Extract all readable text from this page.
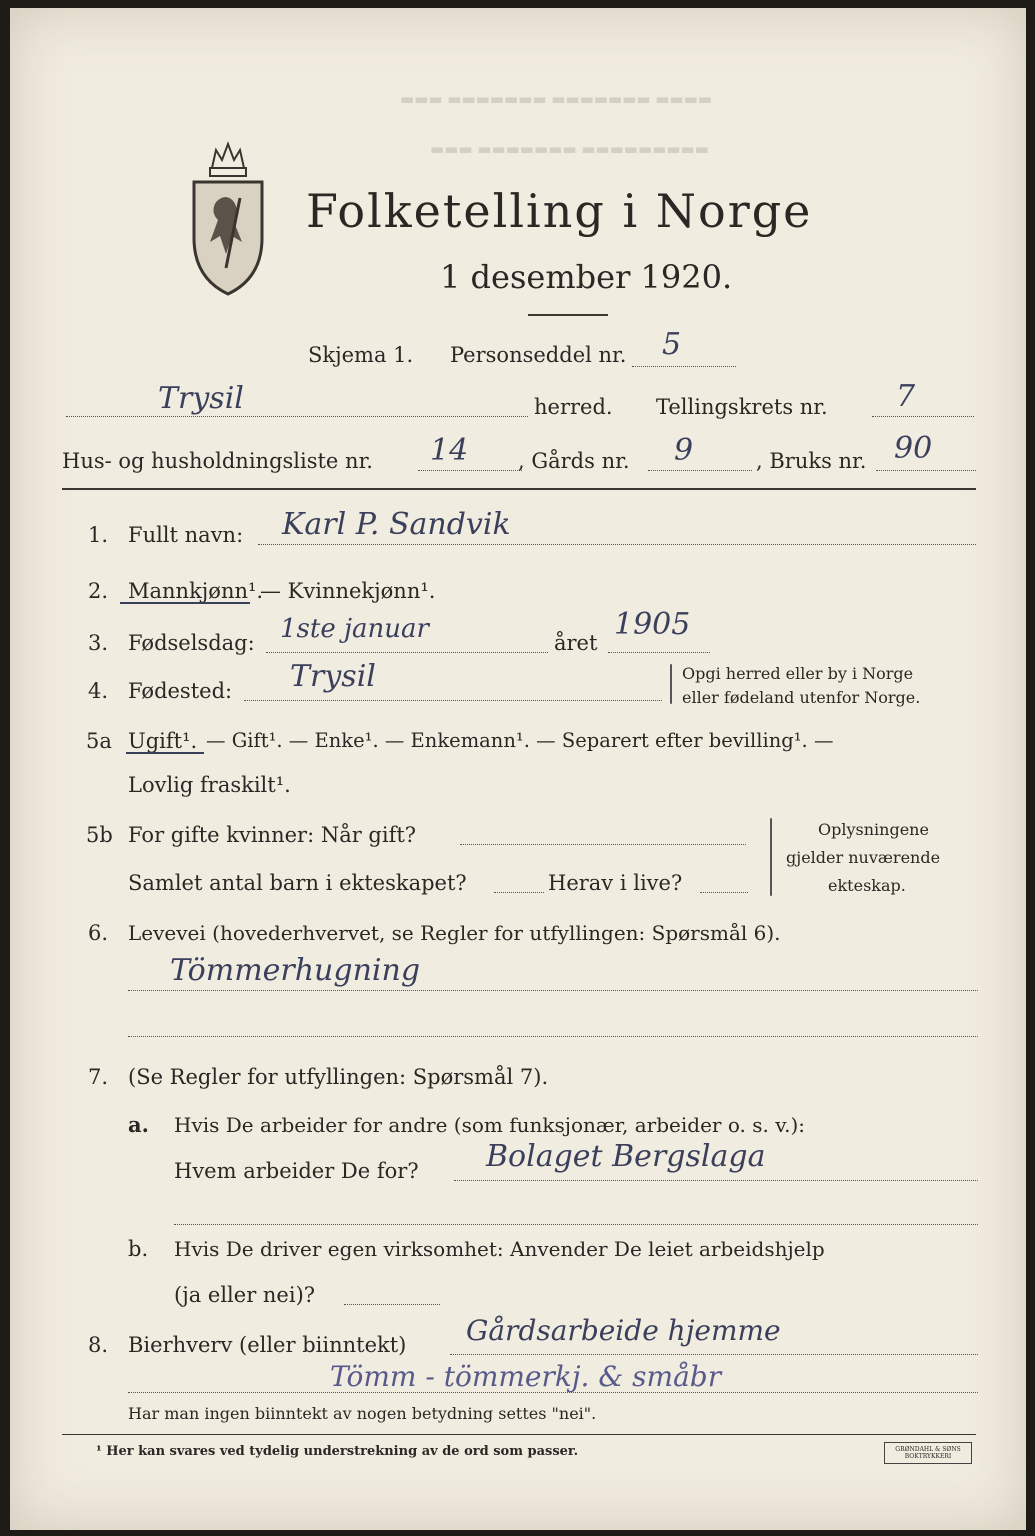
▬▬▬ ▬▬▬▬▬▬▬ ▬▬▬▬▬▬▬ ▬▬▬▬
▬▬▬ ▬▬▬▬▬▬▬ ▬▬▬▬▬▬▬▬▬
Folketelling i Norge
1 desember 1920.
Skjema 1. Personseddel nr. 5
Trysil	herred. Tellingskrets nr. 7
Hus- og husholdningsliste nr. 14 , Gårds nr. 9	, Bruks nr. 90
1. Fullt navn: Karl P. Sandvik
2. Mannkjønn¹.
— Kvinnekjønn¹.
3. Fødselsdag: 1ste januar	året
1905
4. Fødested: Trysil	Opgi herred eller by i Norge
eller fødeland utenfor Norge.
5a Ugift¹. — Gift¹. — Enke¹. — Enkemann¹. — Separert efter bevilling¹. —
Lovlig fraskilt¹.
5b For gifte kvinner: Når gift?
Samlet antal barn i ekteskapet?	Herav i live?
Oplysningene
gjelder nuværende
ekteskap.
6. Levevei (hovederhvervet, se Regler for utfyllingen: Spørsmål 6).
Tömmerhugning
7. (Se Regler for utfyllingen: Spørsmål 7).
a. Hvis De arbeider for andre (som funksjonær, arbeider o. s. v.):
Hvem arbeider De for? Bolaget Bergslaga
b. Hvis De driver egen virksomhet: Anvender De leiet arbeidshjelp
(ja eller nei)?
8. Bierhverv (eller biinntekt) Gårdsarbeide hjemme
Tömm - tömmerkj. & småbr
Har man ingen biinntekt av nogen betydning settes "nei".
¹ Her kan svares ved tydelig understrekning av de ord som passer.	GRØNDAHL & SØNS BOKTRYKKERI
